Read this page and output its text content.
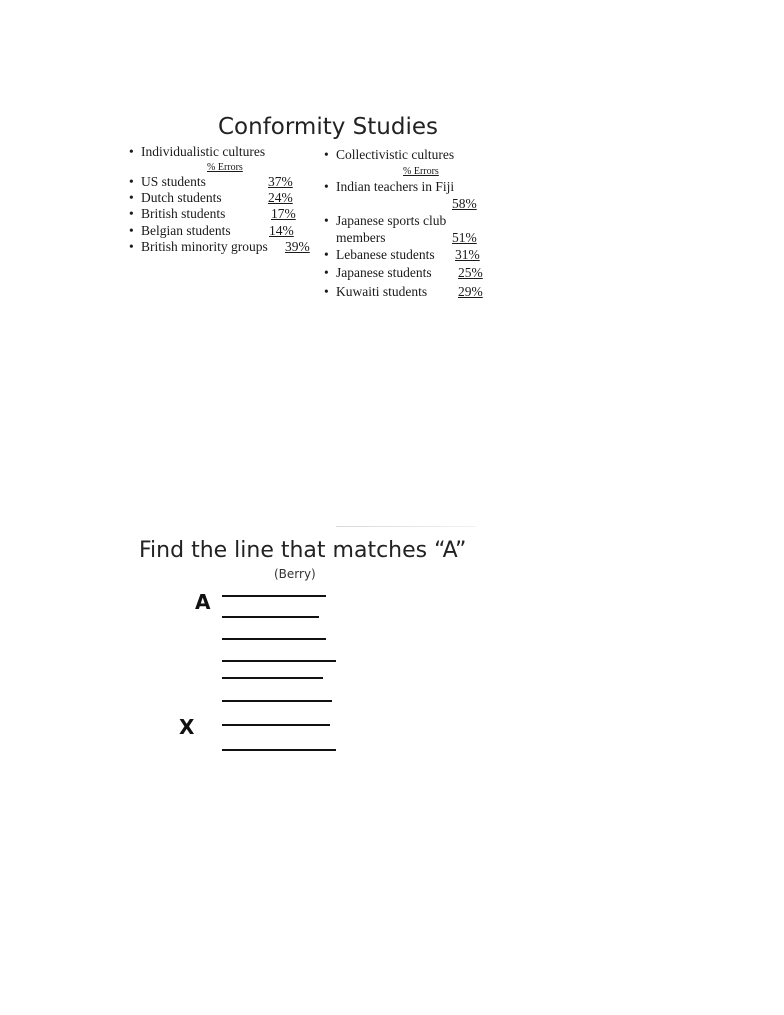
Conformity Studies
• Individualistic cultures
% Errors
• US students	37%
• Dutch students	24%
• British students	17%
• Belgian students	14%
• British minority groups 39%
• Collectivistic cultures
% Errors
• Indian teachers in Fiji
58%
• Japanese sports club
members	51%
• Lebanese students 31%
• Japanese students 25%
• Kuwaiti students 29%
Find the line that matches “A”
(Berry)
A
X
